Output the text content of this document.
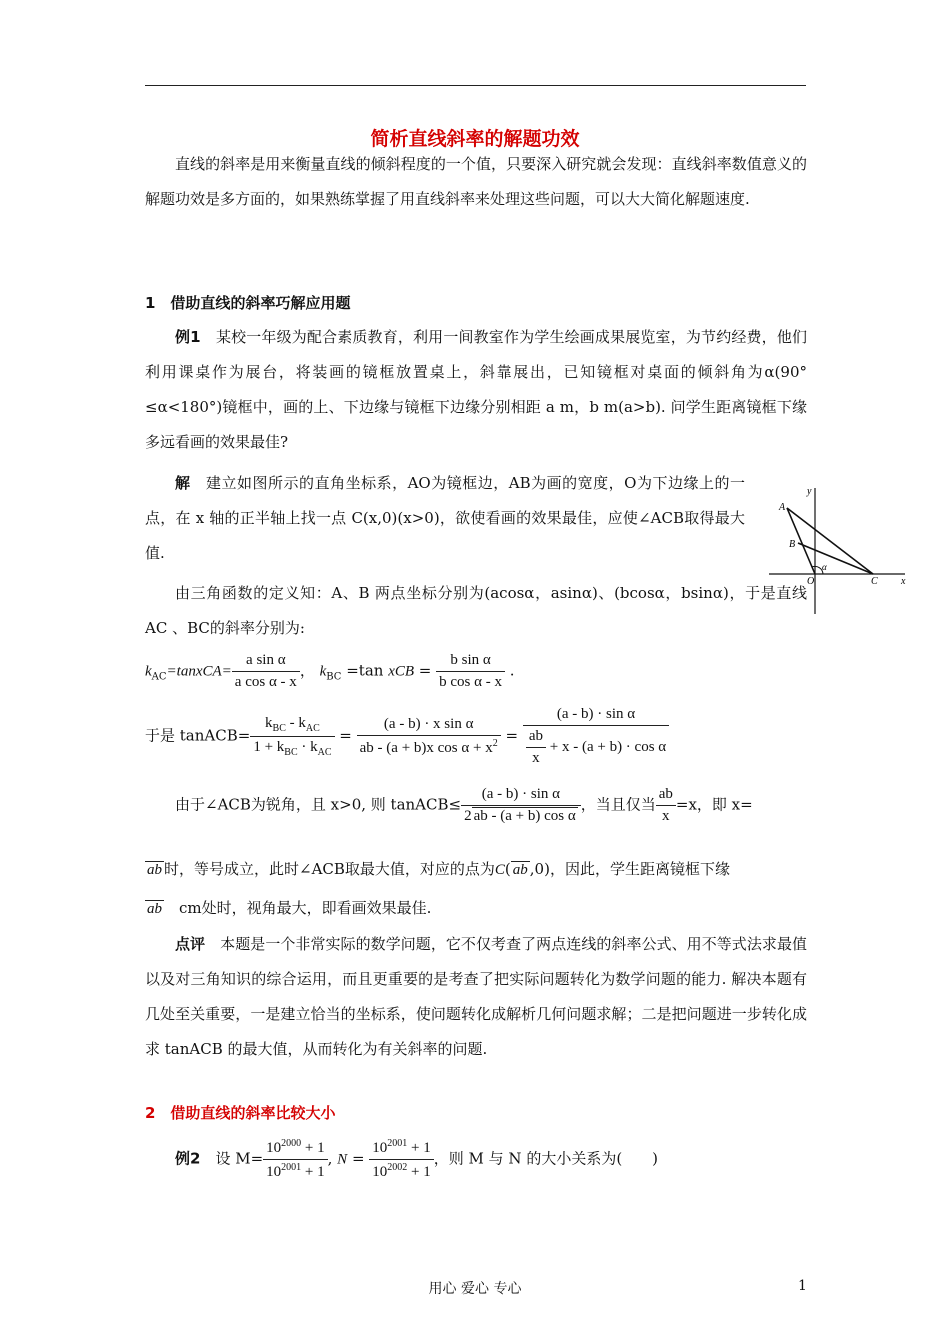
简析直线斜率的解题功效

直线的斜率是用来衡量直线的倾斜程度的一个值，只要深入研究就会发现：直线斜率数值意义的解题功效是多方面的，如果熟练掌握了用直线斜率来处理这些问题，可以大大简化解题速度.

1　借助直线的斜率巧解应用题

例1　 某校一年级为配合素质教育，利用一间教室作为学生绘画成果展览室，为节约经费，他们利用课桌作为展台，将装画的镜框放置桌上，斜靠展出，已知镜框对桌面的倾斜角为α(90° ≤α<180°)镜框中，画的上、下边缘与镜框下边缘分别相距 a m，b m(a>b). 问学生距离镜框下缘多远看画的效果最佳?

解　 建立如图所示的直角坐标系，AO为镜框边，AB为画的宽度，O为下边缘上的一点，在 x 轴的正半轴上找一点 C(x,0)(x>0)，欲使看画的效果最佳，应使∠ACB取得最大值.

A
B
O	C x
y
α

由三角函数的定义知：A、B 两点坐标分别为(acosα，asinα)、(bcosα，bsinα)，于是直线AC 、BC的斜率分别为:

$k_{AC}=tanxCA= \frac{\text{a sin α}}{\text{a cos α - x}}$ ， $k_{BC} =\tan$ xCB = $\frac{\text{b sin α}}{\text{b cos α - x}}$ .
于是 tanACB= $\frac{k_{BC} - k_{AC}}{1 + k_{BC} \cdot k_{AC}} = \frac{\text{(a - b) · x sin α}}{ab - (a + b)x \cos \alpha + x^2} = \frac{\text{(a - b) · sin α}}{\frac{ab}{x} + x - (a + b) \cdot \cos \alpha}$
由于∠ACB为锐角，且 x>0, 则 tanACB≤ $\frac{\text{(a - b) · sin α}}{\text{2 ab - (a + b) cos α}}$ ，当且仅当 $\frac{ab}{x} =x$，即 x=
ab 时，等号成立，此时∠ACB取最大值，对应的点为C( ab ,0)，因此，学生距离镜框下缘
ab　 cm处时，视角最大，即看画效果最佳.

点评　 本题是一个非常实际的数学问题，它不仅考查了两点连线的斜率公式、用不等式法求最值以及对三角知识的综合运用，而且更重要的是考查了把实际问题转化为数学问题的能力. 解决本题有几处至关重要，一是建立恰当的坐标系，使问题转化成解析几何问题求解；二是把问题进一步转化成求 tanACB 的最大值，从而转化为有关斜率的问题.

2　借助直线的斜率比较大小
例2　 设 $M= \frac{10^{2000} + 1}{10^{2001} + 1}$ , $N = \frac{10^{2001} + 1}{10^{2002} + 1}$ ，则 M 与 N 的大小关系为(　　)
用心 爱心 专心	1
